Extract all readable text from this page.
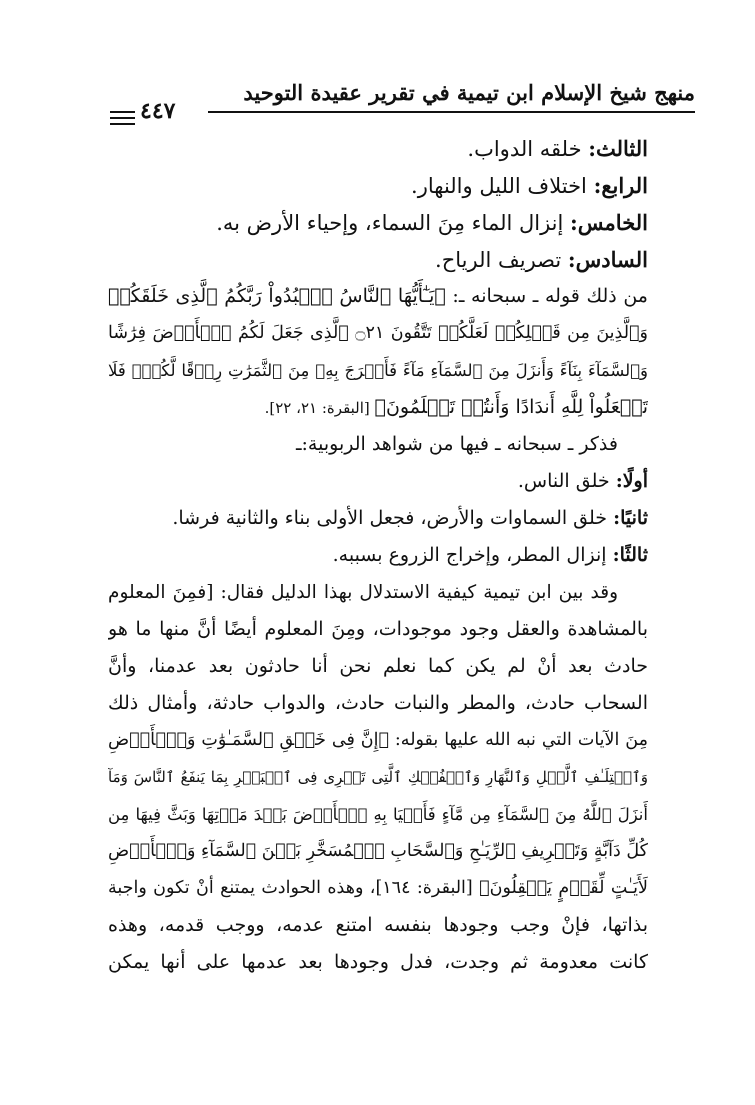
منهج شيخ الإسلام ابن تيمية في تقرير عقيدة التوحيد
٤٤٧
الثالث: خلقه الدواب.
الرابع: اختلاف الليل والنهار.
الخامس: إنزال الماء مِنَ السماء، وإحياء الأرض به.
السادس: تصريف الرياح.
من ذلك قوله ـ سبحانه ـ: ﴿يَـٰٓأَيُّهَا ٱلنَّاسُ ٱعۡبُدُواْ رَبَّكُمُ ٱلَّذِى خَلَقَكُمۡ
وَٱلَّذِينَ مِن قَبۡلِكُمۡ لَعَلَّكُمۡ تَتَّقُونَ ۝٢١ ٱلَّذِى جَعَلَ لَكُمُ ٱلۡأَرۡضَ فِرَٰشًا
وَٱلسَّمَآءَ بِنَآءً وَأَنزَلَ مِنَ ٱلسَّمَآءِ مَآءً فَأَخۡرَجَ بِهِۦ مِنَ ٱلثَّمَرَٰتِ رِزۡقًا لَّكُمۡۖ فَلَا
تَجۡعَلُواْ لِلَّهِ أَندَادًا وَأَنتُمۡ تَعۡلَمُونَ﴾ [البقرة: ٢١، ٢٢].
فذكر ـ سبحانه ـ فيها من شواهد الربوبية:ـ
أولًا: خلق الناس.
ثانيًا: خلق السماوات والأرض، فجعل الأولى بناء والثانية فرشا.
ثالثًا: إنزال المطر، وإخراج الزروع بسببه.
وقد بين ابن تيمية كيفية الاستدلال بهذا الدليل فقال: [فمِنَ المعلوم
بالمشاهدة والعقل وجود موجودات، ومِنَ المعلوم أيضًا أنَّ منها ما هو
حادث بعد أنْ لم يكن كما نعلم نحن أنا حادثون بعد عدمنا، وأنَّ
السحاب حادث، والمطر والنبات حادث، والدواب حادثة، وأمثال ذلك
مِنَ الآيات التي نبه الله عليها بقوله: ﴿إِنَّ فِى خَلۡقِ ٱلسَّمَـٰوَٰتِ وَٱلۡأَرۡضِ
وَٱخۡتِلَـٰفِ ٱلَّيۡلِ وَٱلنَّهَارِ وَٱلۡفُلۡكِ ٱلَّتِى تَجۡرِى فِى ٱلۡبَحۡرِ بِمَا يَنفَعُ ٱلنَّاسَ وَمَآ
أَنزَلَ ٱللَّهُ مِنَ ٱلسَّمَآءِ مِن مَّآءٍ فَأَحۡيَا بِهِ ٱلۡأَرۡضَ بَعۡدَ مَوۡتِهَا وَبَثَّ فِيهَا مِن
كُلِّ دَآبَّةٍ وَتَصۡرِيفِ ٱلرِّيَـٰحِ وَٱلسَّحَابِ ٱلۡمُسَخَّرِ بَيۡنَ ٱلسَّمَآءِ وَٱلۡأَرۡضِ
لَأَيَـٰتٍ لِّقَوۡمٍ يَعۡقِلُونَ﴾ [البقرة: ١٦٤]، وهذه الحوادث يمتنع أنْ تكون واجبة
بذاتها، فإنْ وجب وجودها بنفسه امتنع عدمه، ووجب قدمه، وهذه
كانت معدومة ثم وجدت، فدل وجودها بعد عدمها على أنها يمكن
